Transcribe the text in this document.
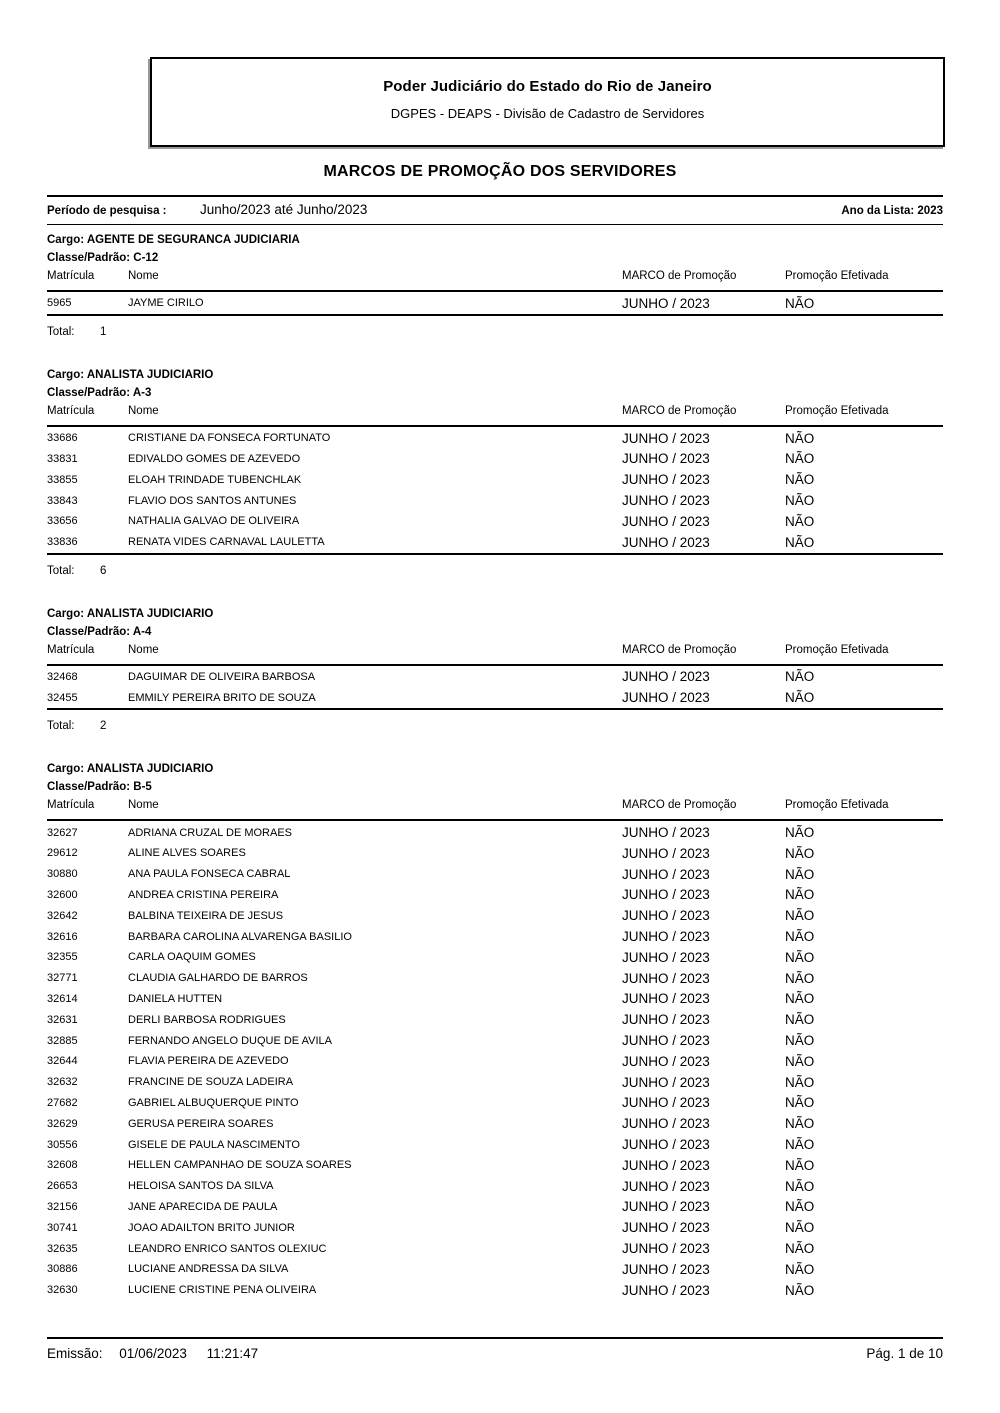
Poder Judiciário do Estado do Rio de Janeiro
DGPES - DEAPS - Divisão de Cadastro de Servidores
MARCOS DE PROMOÇÃO DOS SERVIDORES
Período de pesquisa :	Junho/2023 até Junho/2023	Ano da Lista: 2023
Cargo: AGENTE DE SEGURANCA JUDICIARIA
Classe/Padrão: C-12
Matrícula	Nome	MARCO de Promoção	Promoção Efetivada
5965	JAYME CIRILO	JUNHO / 2023	NÃO
Total: 1
Cargo: ANALISTA JUDICIARIO
Classe/Padrão: A-3
Matrícula	Nome	MARCO de Promoção	Promoção Efetivada
33686	CRISTIANE DA FONSECA FORTUNATO	JUNHO / 2023	NÃO
33831	EDIVALDO GOMES DE AZEVEDO	JUNHO / 2023	NÃO
33855	ELOAH TRINDADE TUBENCHLAK	JUNHO / 2023	NÃO
33843	FLAVIO DOS SANTOS ANTUNES	JUNHO / 2023	NÃO
33656	NATHALIA GALVAO DE OLIVEIRA	JUNHO / 2023	NÃO
33836	RENATA VIDES CARNAVAL LAULETTA	JUNHO / 2023	NÃO
Total: 6
Cargo: ANALISTA JUDICIARIO
Classe/Padrão: A-4
Matrícula	Nome	MARCO de Promoção	Promoção Efetivada
32468	DAGUIMAR DE OLIVEIRA BARBOSA	JUNHO / 2023	NÃO
32455	EMMILY PEREIRA BRITO DE SOUZA	JUNHO / 2023	NÃO
Total: 2
Cargo: ANALISTA JUDICIARIO
Classe/Padrão: B-5
Matrícula	Nome	MARCO de Promoção	Promoção Efetivada
32627	ADRIANA CRUZAL DE MORAES	JUNHO / 2023	NÃO
29612	ALINE ALVES SOARES	JUNHO / 2023	NÃO
30880	ANA PAULA FONSECA CABRAL	JUNHO / 2023	NÃO
32600	ANDREA CRISTINA PEREIRA	JUNHO / 2023	NÃO
32642	BALBINA TEIXEIRA DE JESUS	JUNHO / 2023	NÃO
32616	BARBARA CAROLINA ALVARENGA BASILIO	JUNHO / 2023	NÃO
32355	CARLA OAQUIM GOMES	JUNHO / 2023	NÃO
32771	CLAUDIA GALHARDO DE BARROS	JUNHO / 2023	NÃO
32614	DANIELA HUTTEN	JUNHO / 2023	NÃO
32631	DERLI BARBOSA RODRIGUES	JUNHO / 2023	NÃO
32885	FERNANDO ANGELO DUQUE DE AVILA	JUNHO / 2023	NÃO
32644	FLAVIA PEREIRA DE AZEVEDO	JUNHO / 2023	NÃO
32632	FRANCINE DE SOUZA LADEIRA	JUNHO / 2023	NÃO
27682	GABRIEL ALBUQUERQUE PINTO	JUNHO / 2023	NÃO
32629	GERUSA PEREIRA SOARES	JUNHO / 2023	NÃO
30556	GISELE DE PAULA NASCIMENTO	JUNHO / 2023	NÃO
32608	HELLEN CAMPANHAO DE SOUZA SOARES	JUNHO / 2023	NÃO
26653	HELOISA SANTOS DA SILVA	JUNHO / 2023	NÃO
32156	JANE APARECIDA DE PAULA	JUNHO / 2023	NÃO
30741	JOAO ADAILTON BRITO JUNIOR	JUNHO / 2023	NÃO
32635	LEANDRO ENRICO SANTOS OLEXIUC	JUNHO / 2023	NÃO
30886	LUCIANE ANDRESSA DA SILVA	JUNHO / 2023	NÃO
32630	LUCIENE CRISTINE PENA OLIVEIRA	JUNHO / 2023	NÃO
Emissão: 01/06/2023 11:21:47	Pág. 1 de 10
